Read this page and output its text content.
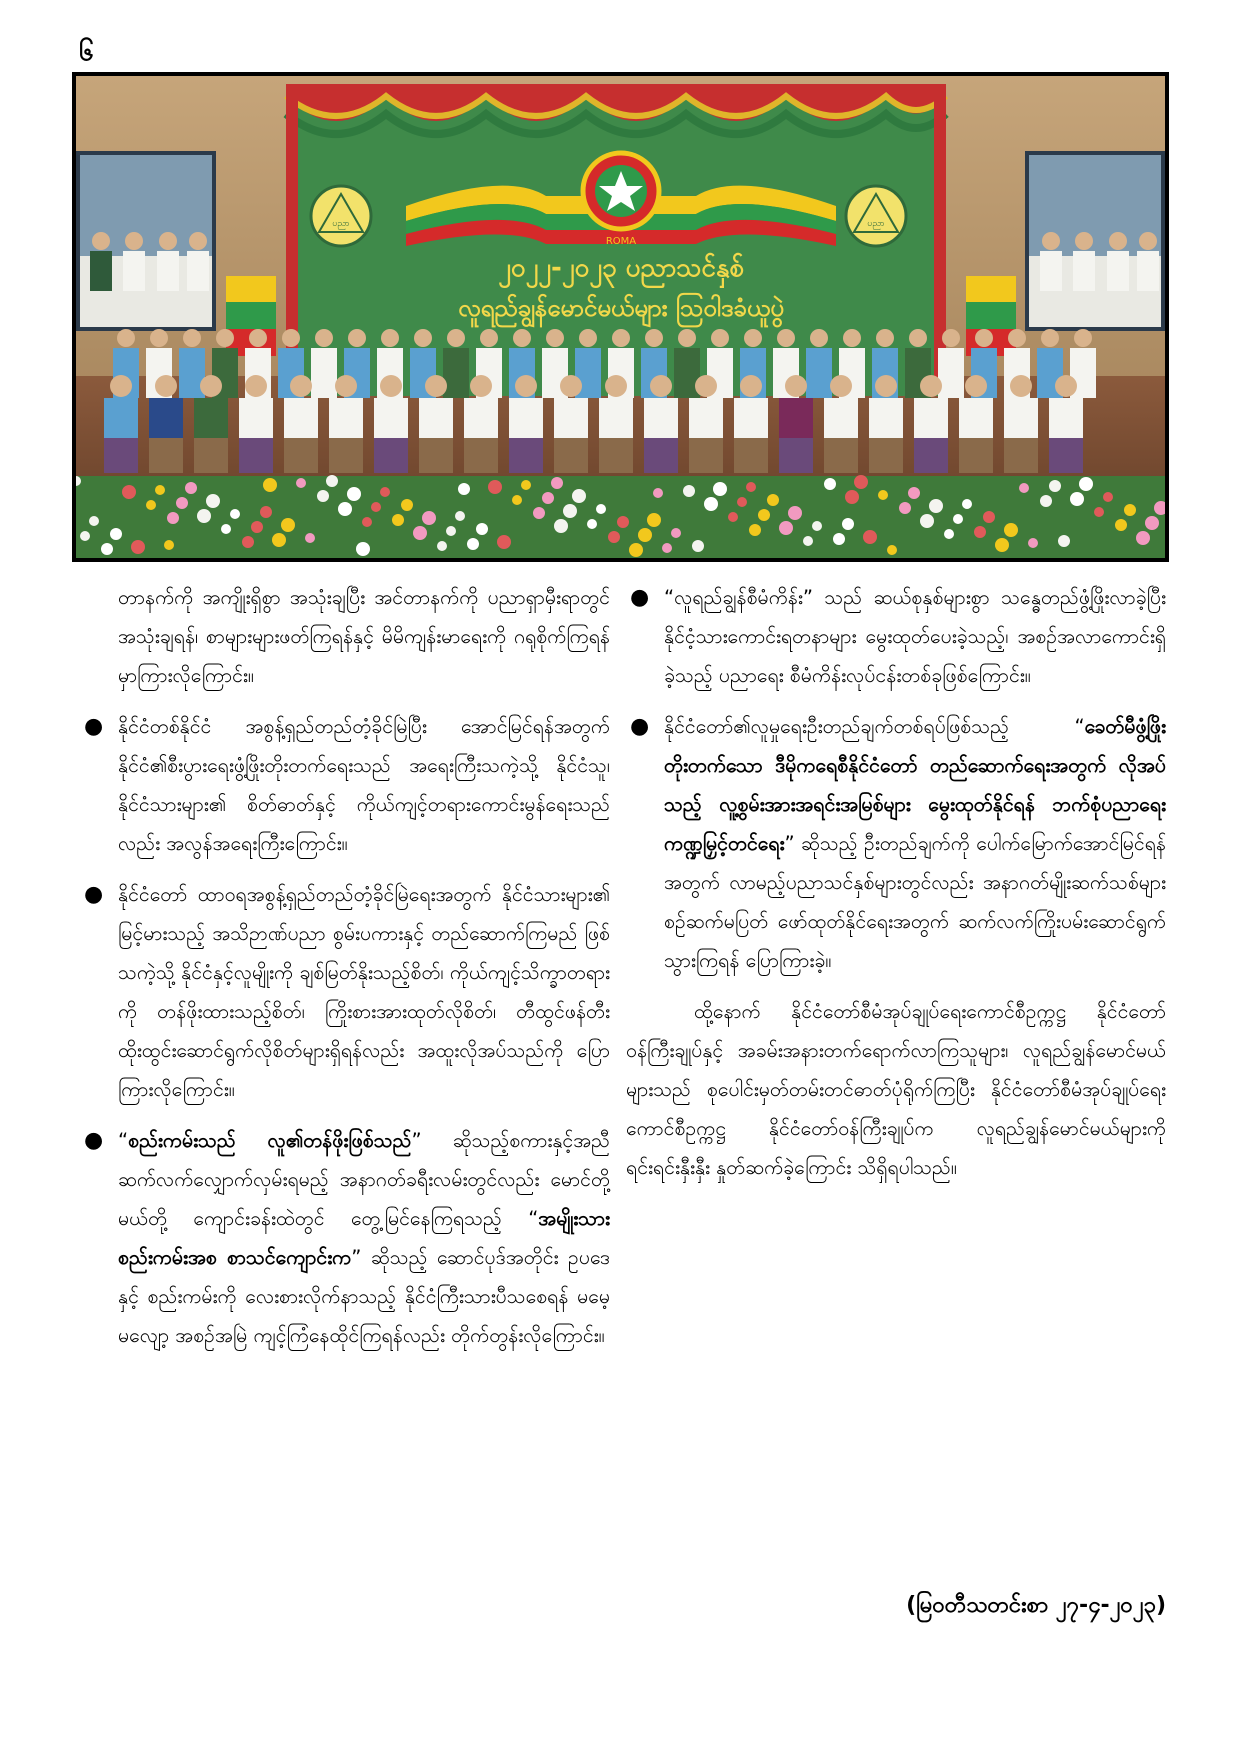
၆
ROMA
ပညာ	ပညာ
၂၀၂၂-၂၀၂၃ ပညာသင်နှစ်
လူရည်ချွန်မောင်မယ်များ ဩဝါဒခံယူပွဲ

တာနက်ကို အကျိုးရှိစွာ အသုံးချပြီး အင်တာနက်ကို ပညာရှာမှီးရာတွင် အသုံးချရန်၊ စာများများဖတ်ကြရန်နှင့် မိမိကျန်းမာရေးကို ဂရုစိုက်ကြရန် မှာကြားလိုကြောင်း။

● နိုင်ငံတစ်နိုင်ငံ အစွန့်ရှည်တည်တံ့ခိုင်မြဲပြီး အောင်မြင်ရန်အတွက် နိုင်ငံ၏စီးပွားရေးဖွံ့ဖြိုးတိုးတက်ရေးသည် အရေးကြီးသကဲ့သို့ နိုင်ငံသူ၊ နိုင်ငံသားများ၏ စိတ်ဓာတ်နှင့် ကိုယ်ကျင့်တရားကောင်းမွန်ရေးသည်လည်း အလွန်အရေးကြီးကြောင်း။
● နိုင်ငံတော် ထာဝရအစွန့်ရှည်တည်တံ့ခိုင်မြဲရေးအတွက် နိုင်ငံသားများ၏ မြင့်မားသည့် အသိဉာဏ်ပညာ စွမ်းပကားနှင့် တည်ဆောက်ကြမည် ဖြစ်သကဲ့သို့ နိုင်ငံနှင့်လူမျိုးကို ချစ်မြတ်နိုးသည့်စိတ်၊ ကိုယ်ကျင့်သိက္ခာတရားကို တန်ဖိုးထားသည့်စိတ်၊ ကြိုးစားအားထုတ်လိုစိတ်၊ တီထွင်ဖန်တီး ထိုးထွင်းဆောင်ရွက်လိုစိတ်များရှိရန်လည်း အထူးလိုအပ်သည်ကို ပြောကြားလိုကြောင်း။
● “စည်းကမ်းသည် လူ၏တန်ဖိုးဖြစ်သည်” ဆိုသည့်စကားနှင့်အညီ ဆက်လက်လျှောက်လှမ်းရမည့် အနာဂတ်ခရီးလမ်းတွင်လည်း မောင်တို့မယ်တို့ ကျောင်းခန်းထဲတွင် တွေ့မြင်နေကြရသည့် “အမျိုးသားစည်းကမ်းအစ စာသင်ကျောင်းက” ဆိုသည့် ဆောင်ပုဒ်အတိုင်း ဥပဒေနှင့် စည်းကမ်းကို လေးစားလိုက်နာသည့် နိုင်ငံကြီးသားပီသစေရန် မမေ့မလျော့ အစဉ်အမြဲ ကျင့်ကြံနေထိုင်ကြရန်လည်း တိုက်တွန်းလိုကြောင်း။
● “လူရည်ချွန်စီမံကိန်း” သည် ဆယ်စုနှစ်များစွာ သန္ဓေတည်ဖွံ့ဖြိုးလာခဲ့ပြီး နိုင်ငံ့သားကောင်းရတနာများ မွေးထုတ်ပေးခဲ့သည့်၊ အစဉ်အလာကောင်းရှိခဲ့သည့် ပညာရေး စီမံကိန်းလုပ်ငန်းတစ်ခုဖြစ်ကြောင်း။
● နိုင်ငံတော်၏လူမှုရေးဦးတည်ချက်တစ်ရပ်ဖြစ်သည့် “ခေတ်မီဖွံ့ဖြိုးတိုးတက်သော ဒီမိုကရေစီနိုင်ငံတော် တည်ဆောက်ရေးအတွက် လိုအပ်သည့် လူ့စွမ်းအားအရင်းအမြစ်များ မွေးထုတ်နိုင်ရန် ဘက်စုံပညာရေးကဏ္ဍမြှင့်တင်ရေး” ဆိုသည့် ဦးတည်ချက်ကို ပေါက်မြောက်အောင်မြင်ရန်အတွက် လာမည့်ပညာသင်နှစ်များတွင်လည်း အနာဂတ်မျိုးဆက်သစ်များ စဉ်ဆက်မပြတ် ဖော်ထုတ်နိုင်ရေးအတွက် ဆက်လက်ကြိုးပမ်းဆောင်ရွက်သွားကြရန် ပြောကြားခဲ့။

ထို့နောက် နိုင်ငံတော်စီမံအုပ်ချုပ်ရေးကောင်စီဥက္ကဋ္ဌ နိုင်ငံတော်ဝန်ကြီးချုပ်နှင့် အခမ်းအနားတက်ရောက်လာကြသူများ၊ လူရည်ချွန်မောင်မယ်များသည် စုပေါင်းမှတ်တမ်းတင်ဓာတ်ပုံရိုက်ကြပြီး နိုင်ငံတော်စီမံအုပ်ချုပ်ရေးကောင်စီဥက္ကဋ္ဌ နိုင်ငံတော်ဝန်ကြီးချုပ်က လူရည်ချွန်မောင်မယ်များကို ရင်းရင်းနှီးနှီး နှုတ်ဆက်ခဲ့ကြောင်း သိရှိရပါသည်။

(မြဝတီသတင်းစာ ၂၇-၄-၂၀၂၃)
